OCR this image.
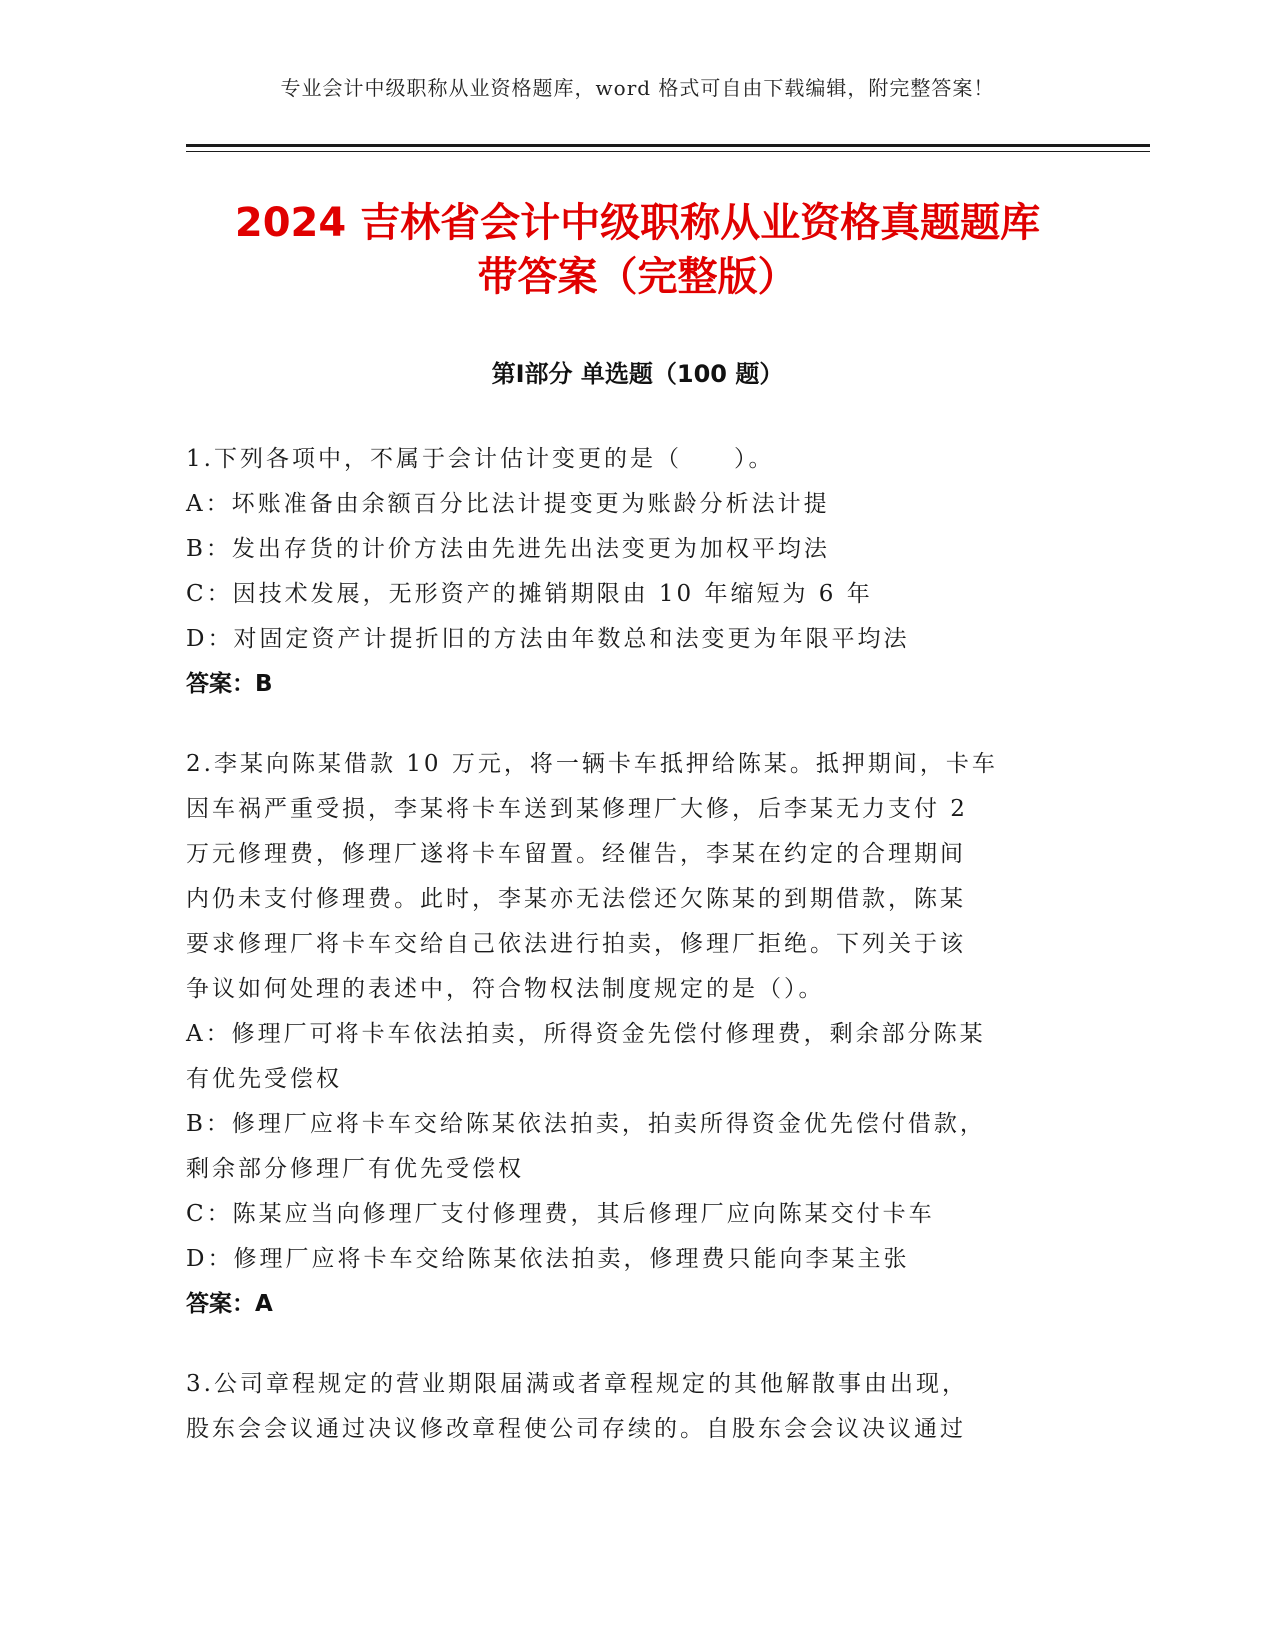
专业会计中级职称从业资格题库，word 格式可自由下载编辑，附完整答案！
2024 吉林省会计中级职称从业资格真题题库
带答案（完整版）
第Ⅰ部分 单选题（100 题）
1.下列各项中，不属于会计估计变更的是（　　）。
A：坏账准备由余额百分比法计提变更为账龄分析法计提
B：发出存货的计价方法由先进先出法变更为加权平均法
C：因技术发展，无形资产的摊销期限由 10 年缩短为 6 年
D：对固定资产计提折旧的方法由年数总和法变更为年限平均法
答案：B
2.李某向陈某借款 10 万元，将一辆卡车抵押给陈某。抵押期间，卡车
因车祸严重受损，李某将卡车送到某修理厂大修，后李某无力支付 2
万元修理费，修理厂遂将卡车留置。经催告，李某在约定的合理期间
内仍未支付修理费。此时，李某亦无法偿还欠陈某的到期借款，陈某
要求修理厂将卡车交给自己依法进行拍卖，修理厂拒绝。下列关于该
争议如何处理的表述中，符合物权法制度规定的是（）。
A：修理厂可将卡车依法拍卖，所得资金先偿付修理费，剩余部分陈某
有优先受偿权
B：修理厂应将卡车交给陈某依法拍卖，拍卖所得资金优先偿付借款，
剩余部分修理厂有优先受偿权
C：陈某应当向修理厂支付修理费，其后修理厂应向陈某交付卡车
D：修理厂应将卡车交给陈某依法拍卖，修理费只能向李某主张
答案：A
3.公司章程规定的营业期限届满或者章程规定的其他解散事由出现，
股东会会议通过决议修改章程使公司存续的。自股东会会议决议通过
